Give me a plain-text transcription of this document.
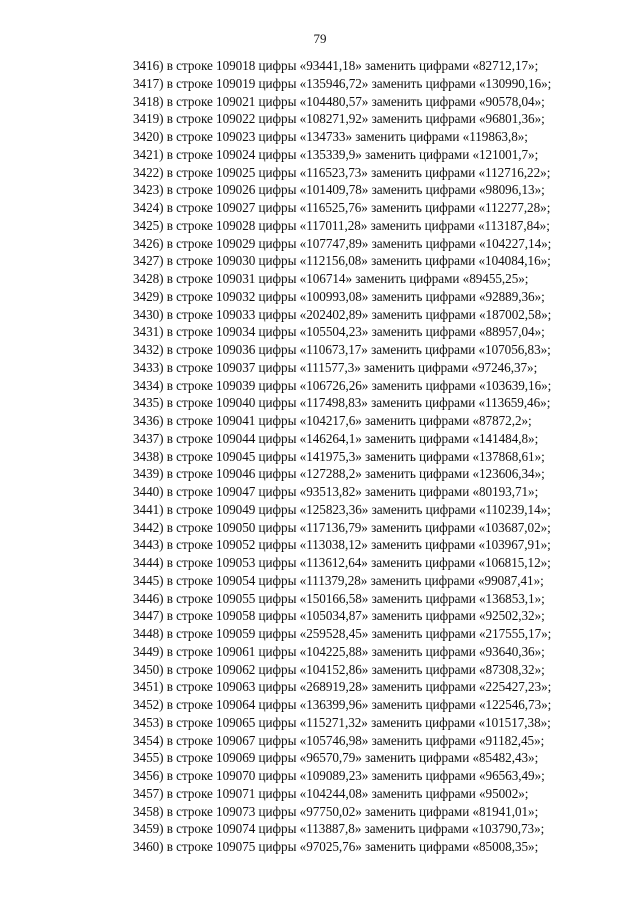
79
3416) в строке 109018 цифры «93441,18» заменить цифрами «82712,17»;
3417) в строке 109019 цифры «135946,72» заменить цифрами «130990,16»;
3418) в строке 109021 цифры «104480,57» заменить цифрами «90578,04»;
3419) в строке 109022 цифры «108271,92» заменить цифрами «96801,36»;
3420) в строке 109023 цифры «134733» заменить цифрами «119863,8»;
3421) в строке 109024 цифры «135339,9» заменить цифрами «121001,7»;
3422) в строке 109025 цифры «116523,73» заменить цифрами «112716,22»;
3423) в строке 109026 цифры «101409,78» заменить цифрами «98096,13»;
3424) в строке 109027 цифры «116525,76» заменить цифрами «112277,28»;
3425) в строке 109028 цифры «117011,28» заменить цифрами «113187,84»;
3426) в строке 109029 цифры «107747,89» заменить цифрами «104227,14»;
3427) в строке 109030 цифры «112156,08» заменить цифрами «104084,16»;
3428) в строке 109031 цифры «106714» заменить цифрами «89455,25»;
3429) в строке 109032 цифры «100993,08» заменить цифрами «92889,36»;
3430) в строке 109033 цифры «202402,89» заменить цифрами «187002,58»;
3431) в строке 109034 цифры «105504,23» заменить цифрами «88957,04»;
3432) в строке 109036 цифры «110673,17» заменить цифрами «107056,83»;
3433) в строке 109037 цифры «111577,3» заменить цифрами «97246,37»;
3434) в строке 109039 цифры «106726,26» заменить цифрами «103639,16»;
3435) в строке 109040 цифры «117498,83» заменить цифрами «113659,46»;
3436) в строке 109041 цифры «104217,6» заменить цифрами «87872,2»;
3437) в строке 109044 цифры «146264,1» заменить цифрами «141484,8»;
3438) в строке 109045 цифры «141975,3» заменить цифрами «137868,61»;
3439) в строке 109046 цифры «127288,2» заменить цифрами «123606,34»;
3440) в строке 109047 цифры «93513,82» заменить цифрами «80193,71»;
3441) в строке 109049 цифры «125823,36» заменить цифрами «110239,14»;
3442) в строке 109050 цифры «117136,79» заменить цифрами «103687,02»;
3443) в строке 109052 цифры «113038,12» заменить цифрами «103967,91»;
3444) в строке 109053 цифры «113612,64» заменить цифрами «106815,12»;
3445) в строке 109054 цифры «111379,28» заменить цифрами «99087,41»;
3446) в строке 109055 цифры «150166,58» заменить цифрами «136853,1»;
3447) в строке 109058 цифры «105034,87» заменить цифрами «92502,32»;
3448) в строке 109059 цифры «259528,45» заменить цифрами «217555,17»;
3449) в строке 109061 цифры «104225,88» заменить цифрами «93640,36»;
3450) в строке 109062 цифры «104152,86» заменить цифрами «87308,32»;
3451) в строке 109063 цифры «268919,28» заменить цифрами «225427,23»;
3452) в строке 109064 цифры «136399,96» заменить цифрами «122546,73»;
3453) в строке 109065 цифры «115271,32» заменить цифрами «101517,38»;
3454) в строке 109067 цифры «105746,98» заменить цифрами «91182,45»;
3455) в строке 109069 цифры «96570,79» заменить цифрами «85482,43»;
3456) в строке 109070 цифры «109089,23» заменить цифрами «96563,49»;
3457) в строке 109071 цифры «104244,08» заменить цифрами «95002»;
3458) в строке 109073 цифры «97750,02» заменить цифрами «81941,01»;
3459) в строке 109074 цифры «113887,8» заменить цифрами «103790,73»;
3460) в строке 109075 цифры «97025,76» заменить цифрами «85008,35»;
